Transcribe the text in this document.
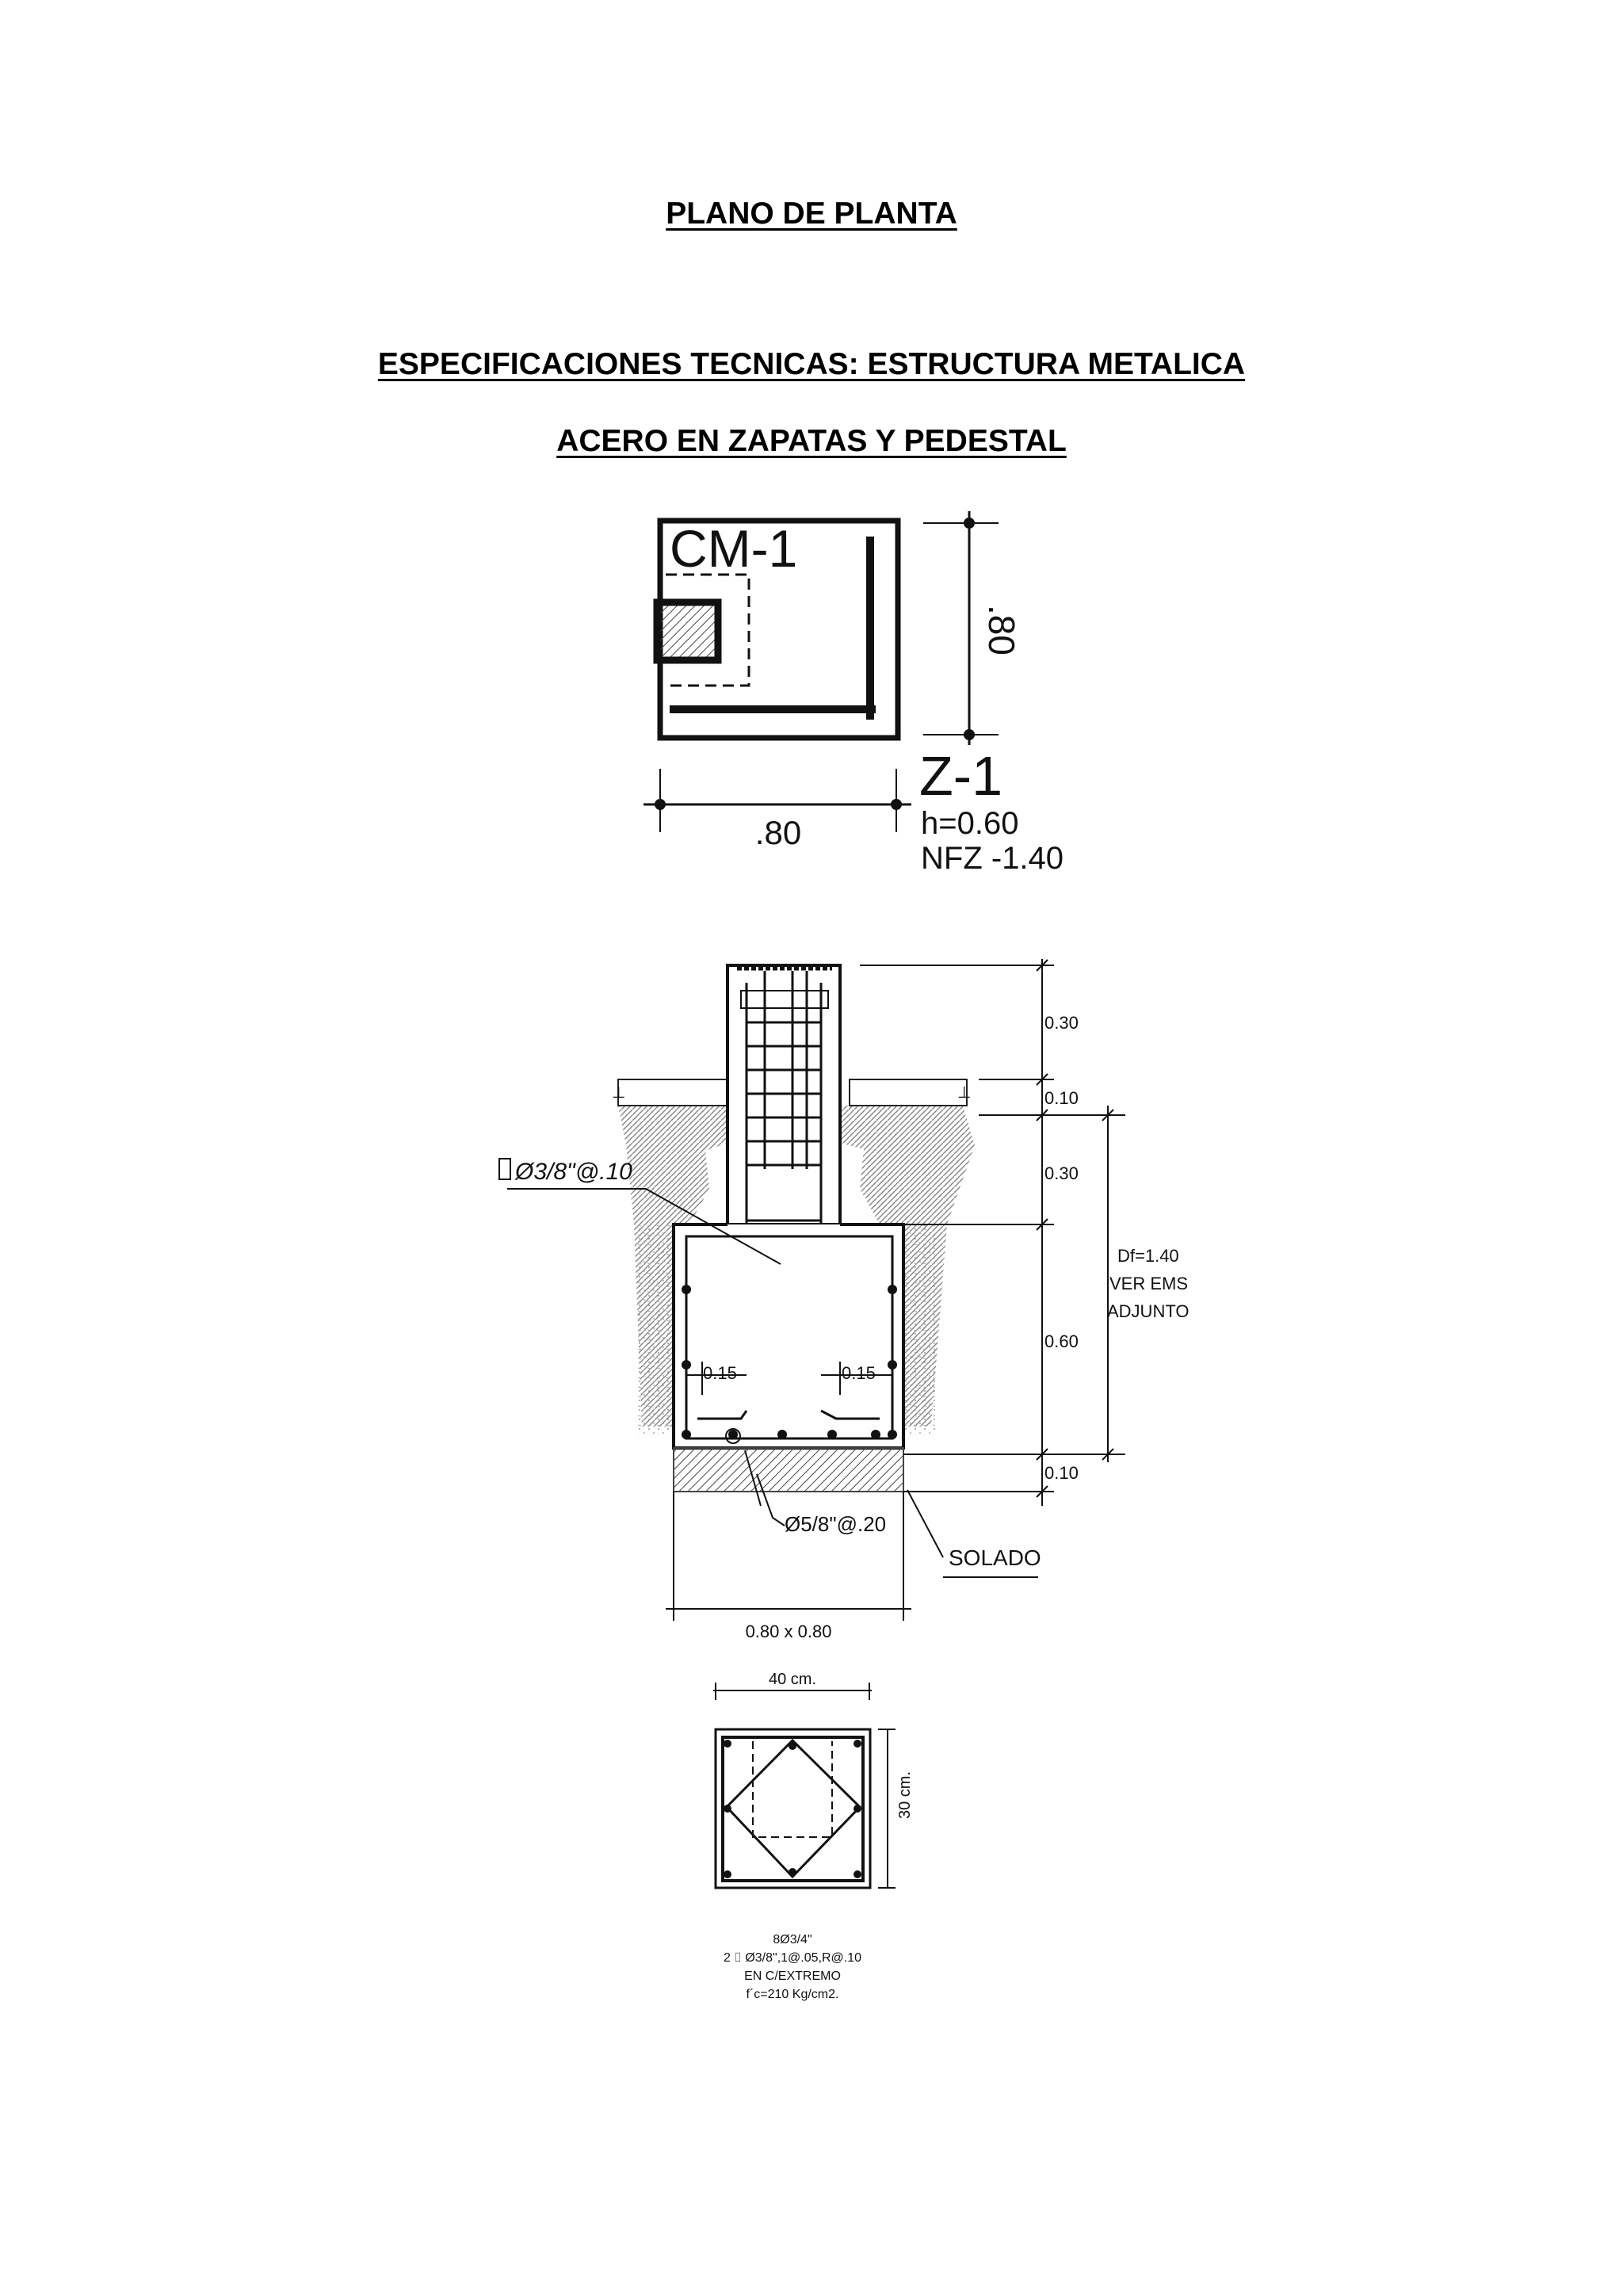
PLANO DE PLANTA
ESPECIFICACIONES TECNICAS: ESTRUCTURA METALICA
ACERO EN ZAPATAS Y PEDESTAL
CM-1
.80
.80
Z-1
h=0.60
NFZ -1.40
⊥	⊥
0.15	0.15
Ø3/8"@.10
Ø5/8"@.20
SOLADO
0.80 x 0.80
0.30
0.10
0.30
0.60
0.10
Df=1.40
VER EMS
ADJUNTO
40 cm.
30 cm.
8Ø3/4"
2 ⌷ Ø3/8",1@.05,R@.10
EN C/EXTREMO
f´c=210 Kg/cm2.
